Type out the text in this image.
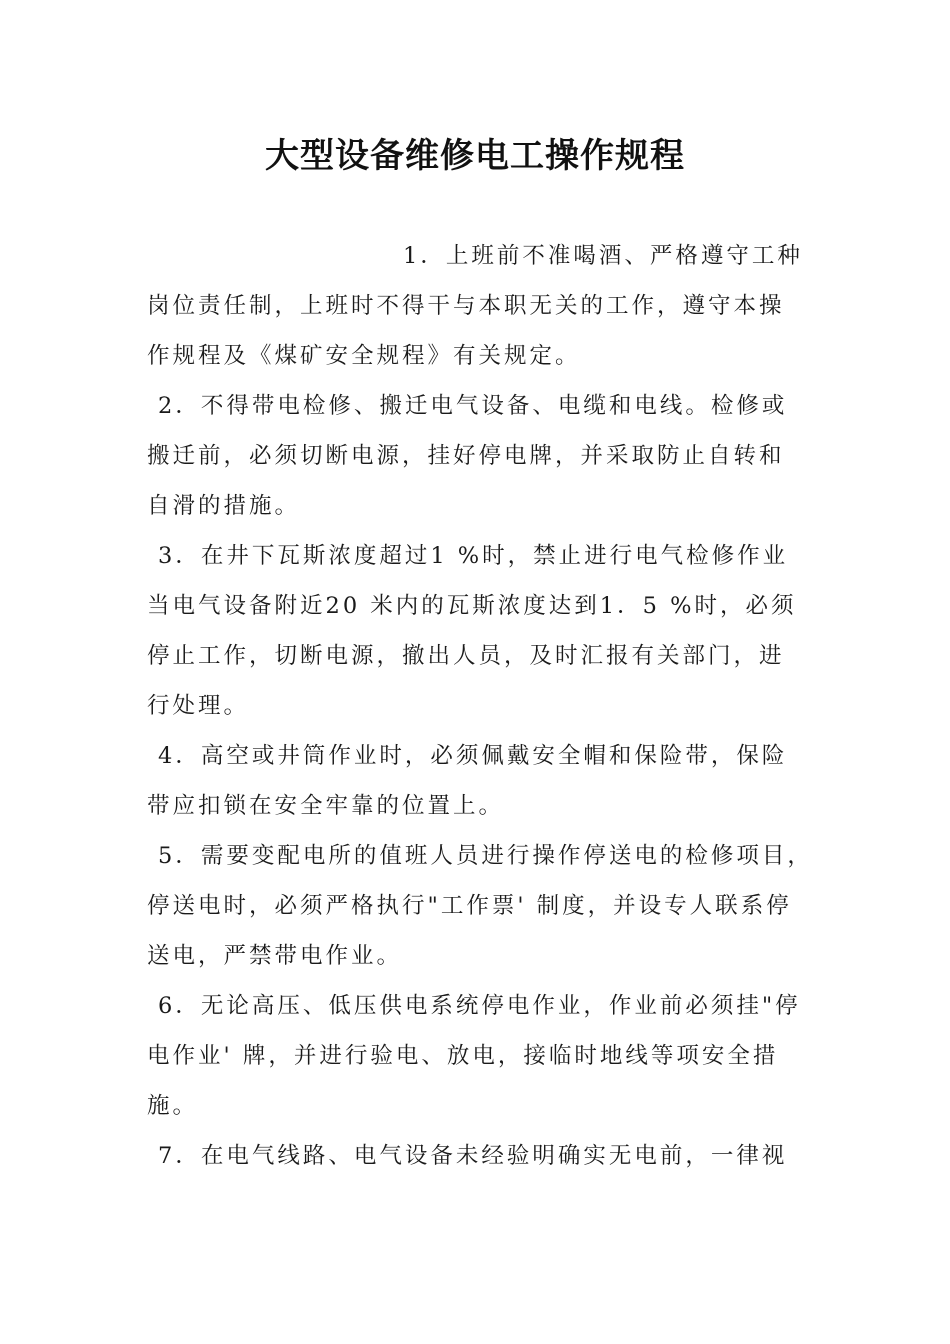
大型设备维修电工操作规程
1．上班前不准喝酒、严格遵守工种
岗位责任制，上班时不得干与本职无关的工作，遵守本操
作规程及《煤矿安全规程》有关规定。
2．不得带电检修、搬迁电气设备、电缆和电线。检修或
搬迁前，必须切断电源，挂好停电牌，并采取防止自转和
自滑的措施。
3．在井下瓦斯浓度超过1 %时，禁止进行电气检修作业
当电气设备附近20 米内的瓦斯浓度达到1．5 %时，必须
停止工作，切断电源，撤出人员，及时汇报有关部门，进
行处理。
4．高空或井筒作业时，必须佩戴安全帽和保险带，保险
带应扣锁在安全牢靠的位置上。
5．需要变配电所的值班人员进行操作停送电的检修项目，
停送电时，必须严格执行"工作票' 制度，并设专人联系停
送电，严禁带电作业。
6．无论高压、低压供电系统停电作业，作业前必须挂"停
电作业' 牌，并进行验电、放电，接临时地线等项安全措
施。
7．在电气线路、电气设备未经验明确实无电前，一律视
